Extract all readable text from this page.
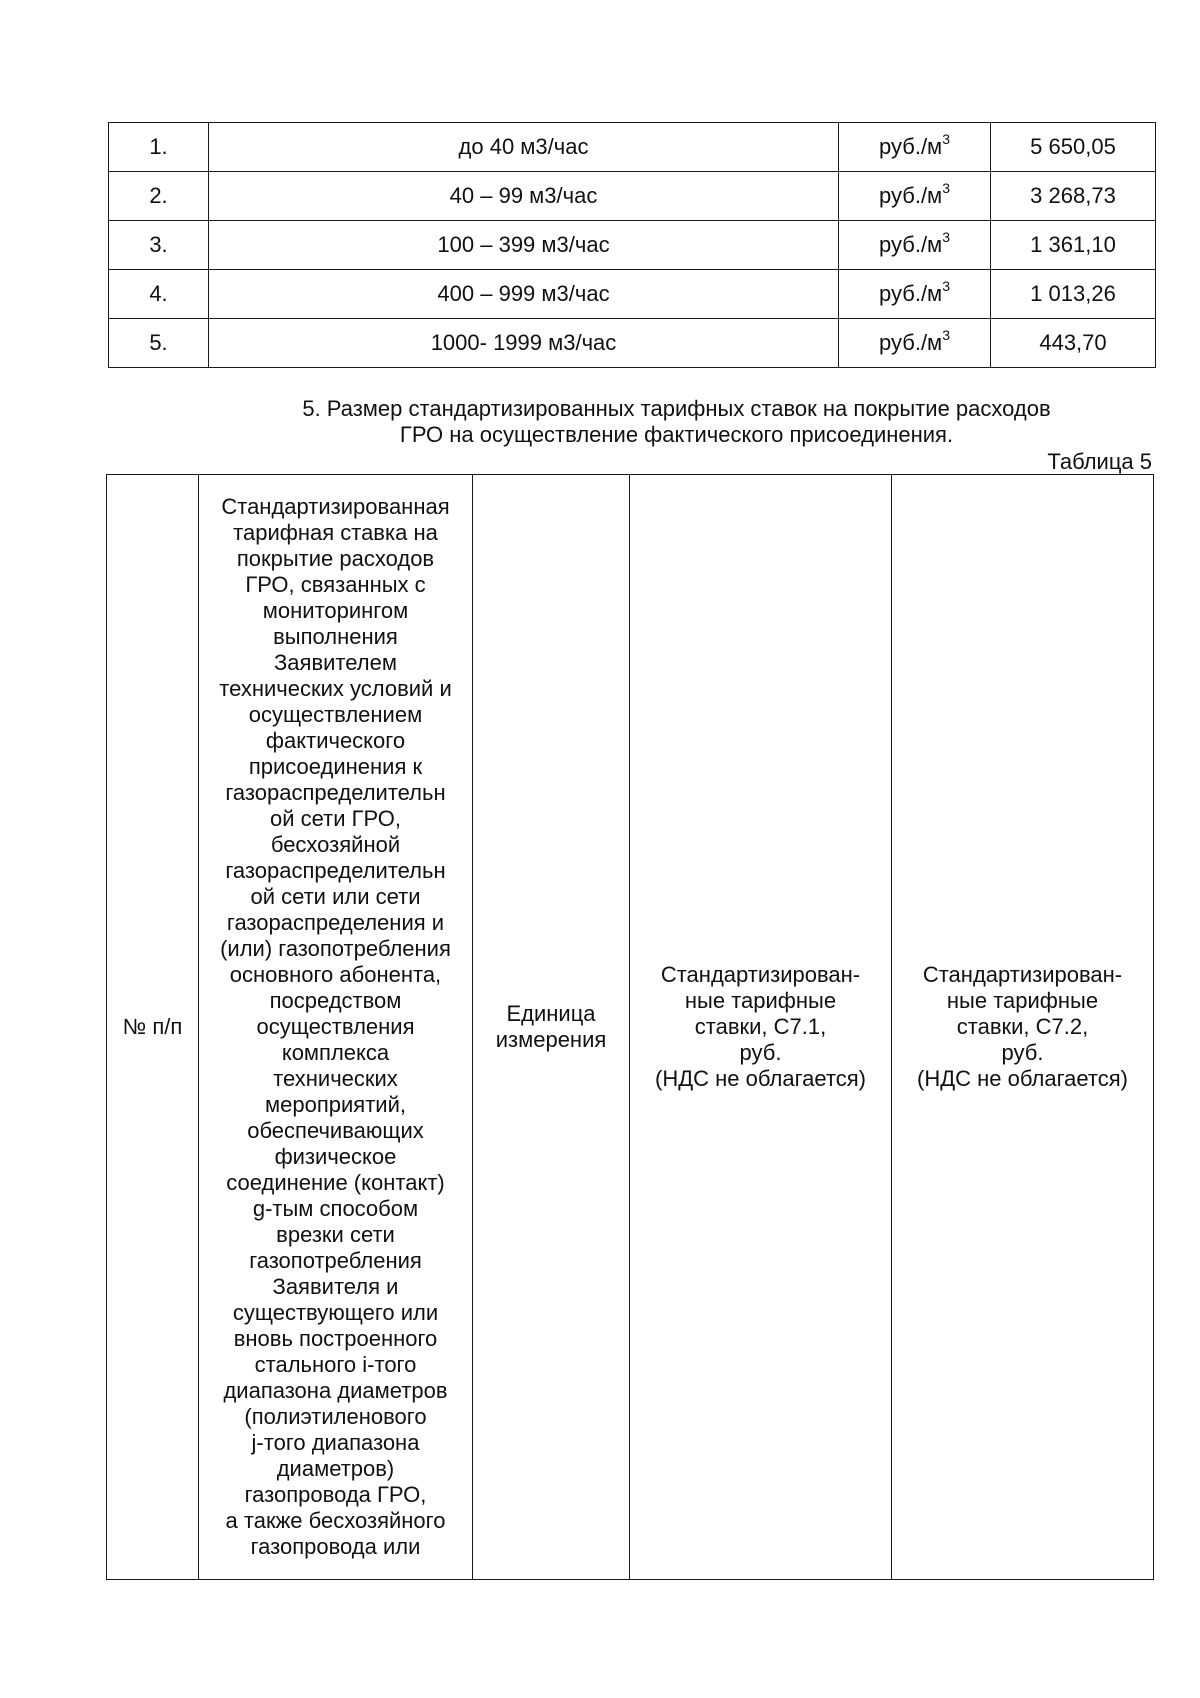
1.	до 40 м3/час	$руб./м^3$	5 650,05
2.	40 – 99 м3/час	$руб./м^3$	3 268,73
3.	100 – 399 м3/час	$руб./м^3$	1 361,10
4.	400 – 999 м3/час	$руб./м^3$	1 013,26
5.	1000- 1999 м3/час	$руб./м^3$	443,70
5. Размер стандартизированных тарифных ставок на покрытие расходов
ГРО на осуществление фактического присоединения.
Таблица 5
№ п/п	Стандартизированная
тарифная ставка на
покрытие расходов
ГРО, связанных с
мониторингом
выполнения
Заявителем
технических условий и
осуществлением
фактического
присоединения к
газораспределительн
ой сети ГРО,
бесхозяйной
газораспределительн
ой сети или сети
газораспределения и
(или) газопотребления
основного абонента,
посредством
осуществления
комплекса
технических
мероприятий,
обеспечивающих
физическое
соединение (контакт)
g-тым способом
врезки сети
газопотребления
Заявителя и
существующего или
вновь построенного
стального i-того
диапазона диаметров
(полиэтиленового
j-того диапазона
диаметров)
газопровода ГРО,
а также бесхозяйного
газопровода или	Единица
измерения	Стандартизирован-
ные тарифные
ставки, С7.1,
руб.
(НДС не облагается)	Стандартизирован-
ные тарифные
ставки, С7.2,
руб.
(НДС не облагается)
